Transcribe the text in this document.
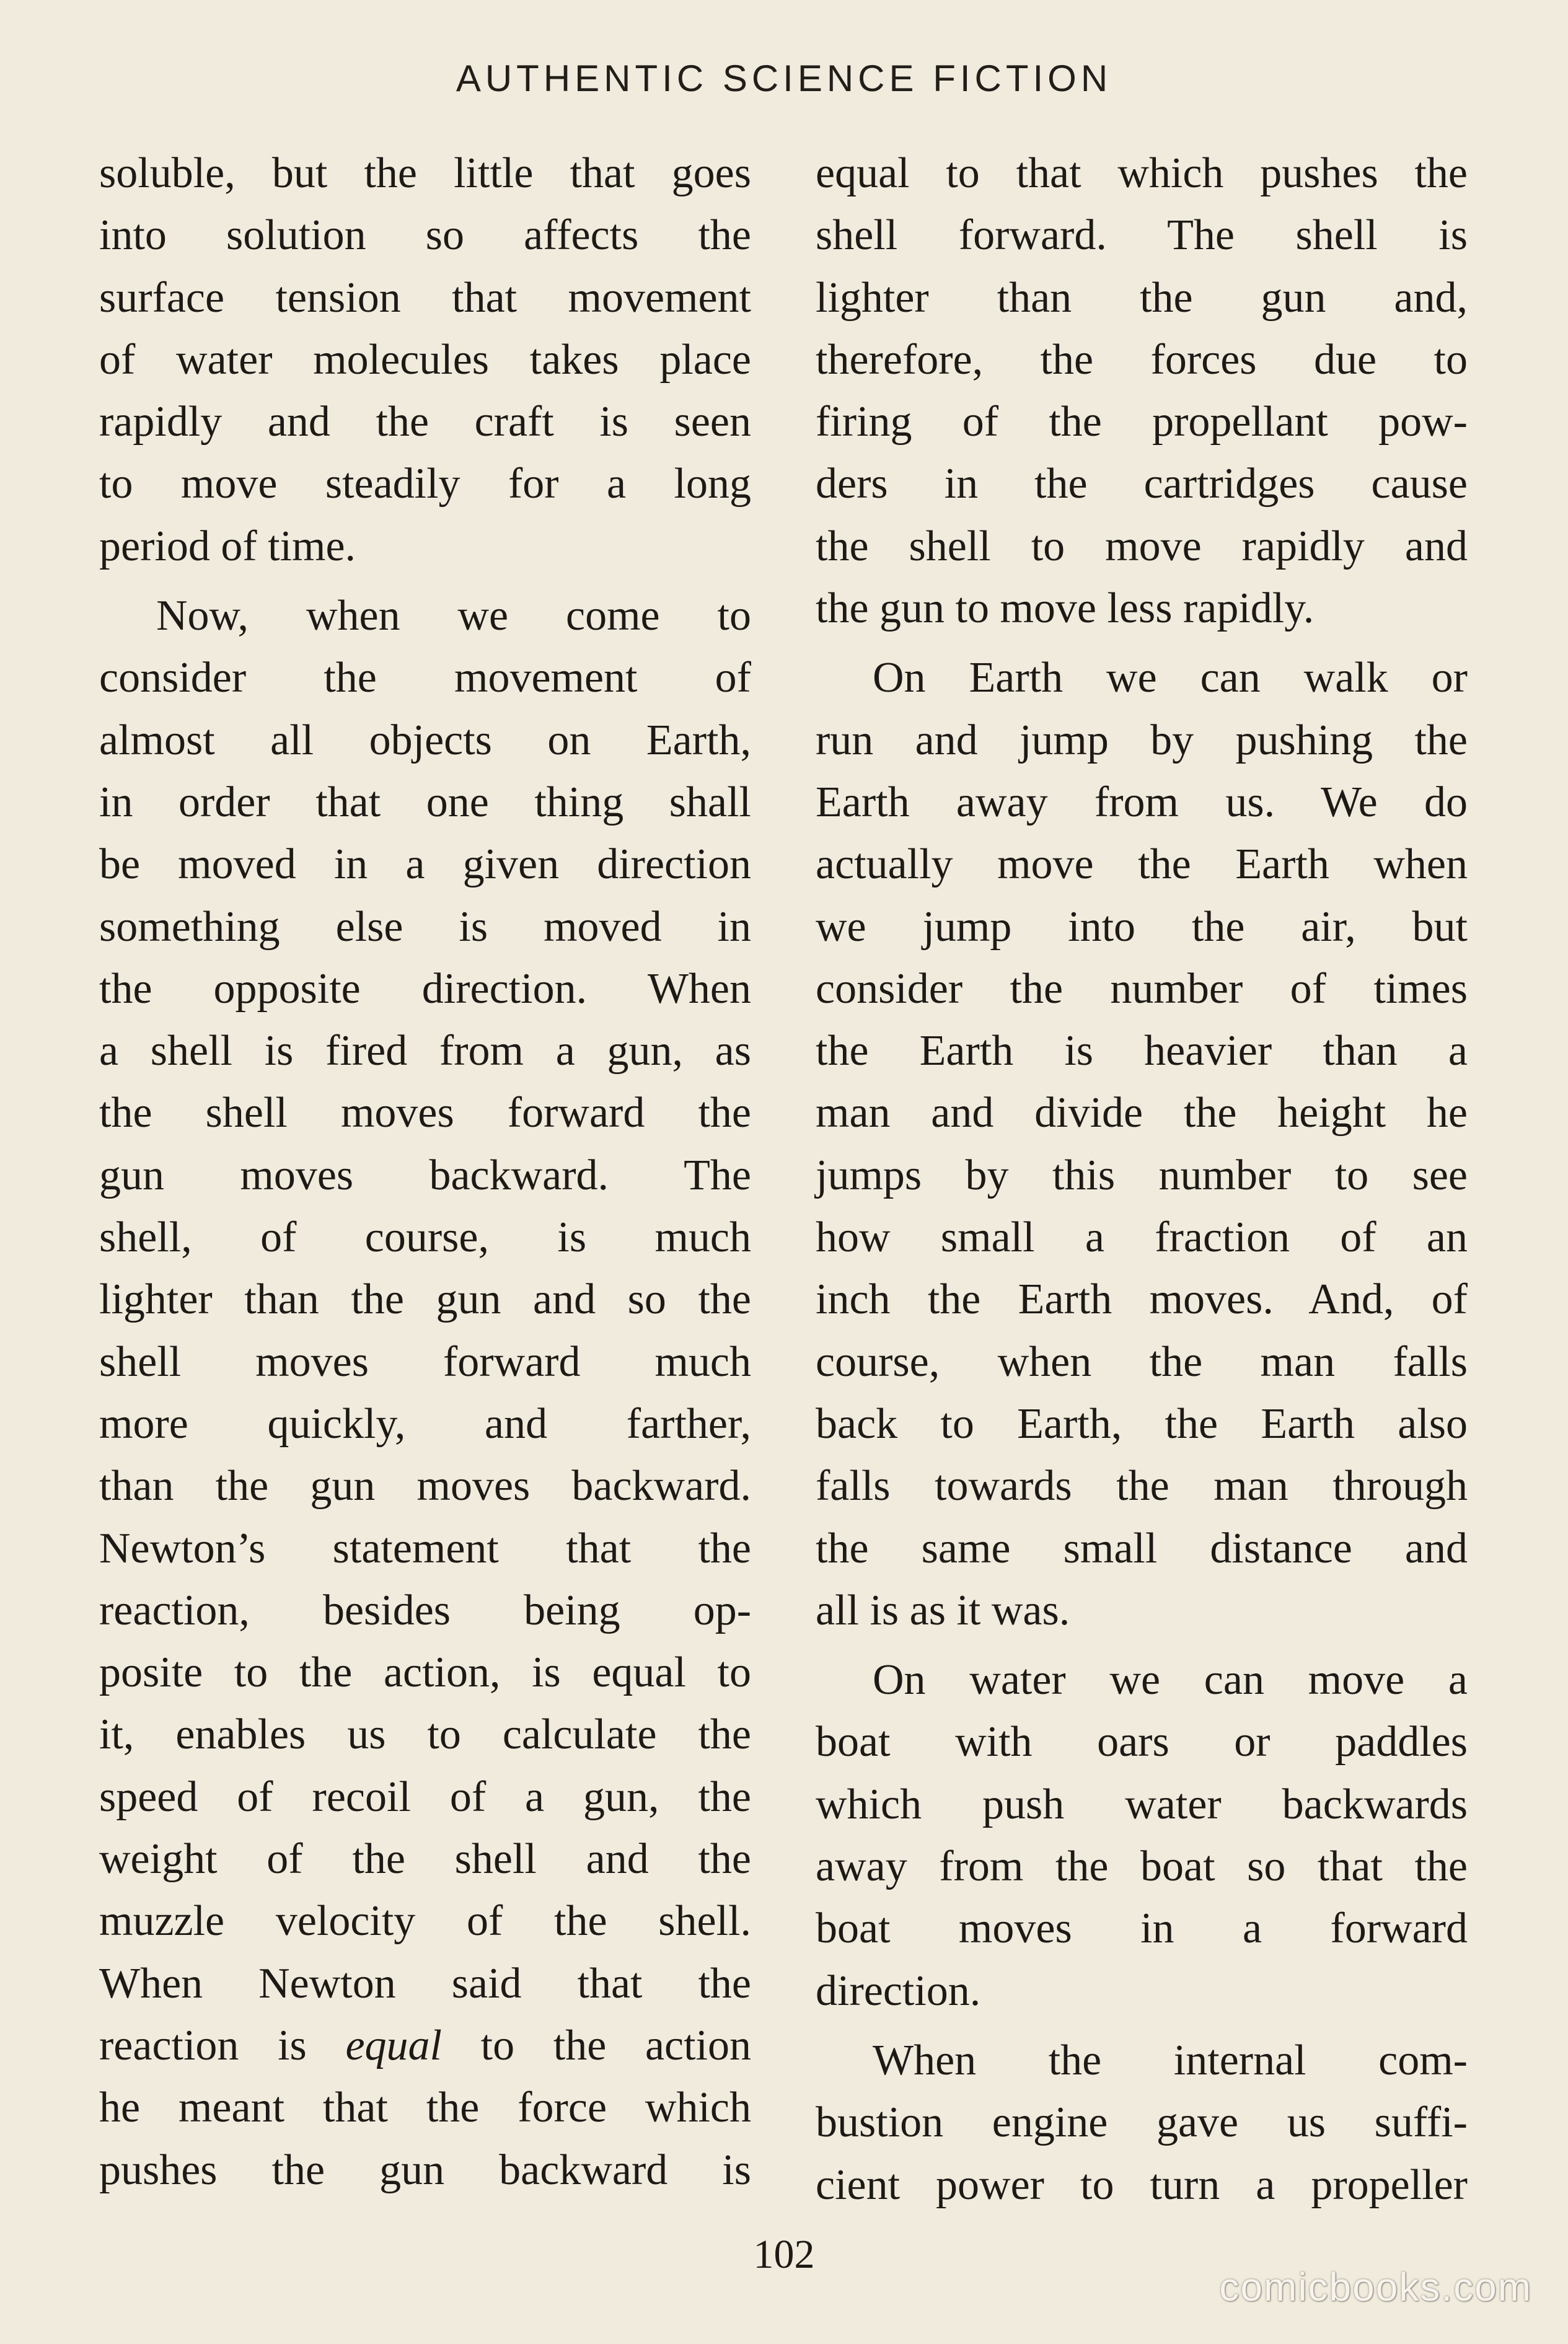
AUTHENTIC SCIENCE FICTION
soluble, but the little that goes
into solution so affects the
surface tension that movement
of water molecules takes place
rapidly and the craft is seen
to move steadily for a long
period of time.
Now, when we come to
consider the movement of
almost all objects on Earth,
in order that one thing shall
be moved in a given direction
something else is moved in
the opposite direction. When
a shell is fired from a gun, as
the shell moves forward the
gun moves backward. The
shell, of course, is much
lighter than the gun and so the
shell moves forward much
more quickly, and farther,
than the gun moves backward.
Newton’s statement that the
reaction, besides being op-
posite to the action, is equal to
it, enables us to calculate the
speed of recoil of a gun, the
weight of the shell and the
muzzle velocity of the shell.
When Newton said that the
reaction is equal to the action
he meant that the force which
pushes the gun backward is
equal to that which pushes the
shell forward. The shell is
lighter than the gun and,
therefore, the forces due to
firing of the propellant pow-
ders in the cartridges cause
the shell to move rapidly and
the gun to move less rapidly.
On Earth we can walk or
run and jump by pushing the
Earth away from us. We do
actually move the Earth when
we jump into the air, but
consider the number of times
the Earth is heavier than a
man and divide the height he
jumps by this number to see
how small a fraction of an
inch the Earth moves. And, of
course, when the man falls
back to Earth, the Earth also
falls towards the man through
the same small distance and
all is as it was.
On water we can move a
boat with oars or paddles
which push water backwards
away from the boat so that the
boat moves in a forward
direction.
When the internal com-
bustion engine gave us suffi-
cient power to turn a propeller
102
comicbooks.com
